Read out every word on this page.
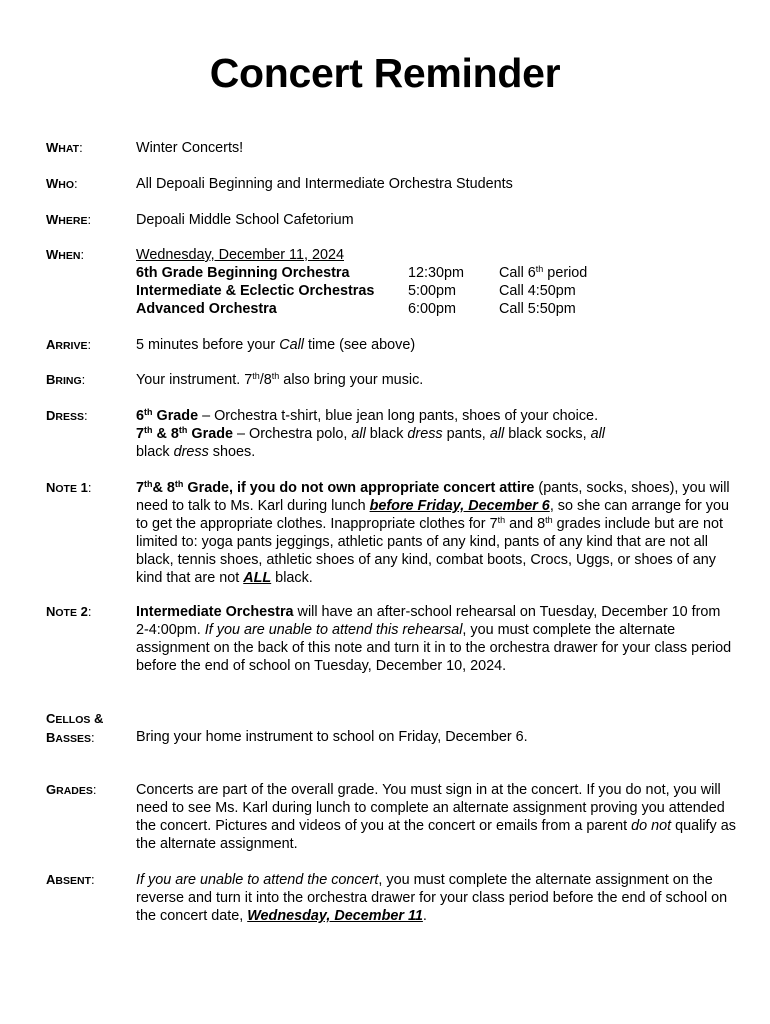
Concert Reminder
WHAT:	Winter Concerts!
WHO:	All Depoali Beginning and Intermediate Orchestra Students
WHERE:	Depoali Middle School Cafetorium
WHEN:	Wednesday, December 11, 2024
6th Grade Beginning Orchestra	12:30pm Call 6th period
Intermediate & Eclectic Orchestras 5:00pm	Call 4:50pm
Advanced Orchestra	6:00pm	Call 5:50pm
ARRIVE:	5 minutes before your Call time (see above)
BRING:	Your instrument. 7th/8th also bring your music.
DRESS:	6th Grade – Orchestra t-shirt, blue jean long pants, shoes of your choice.
7th & 8th Grade – Orchestra polo, all black dress pants, all black socks, all
black dress shoes.
NOTE 1:	7th& 8th Grade, if you do not own appropriate concert attire (pants, socks, shoes), you will need to talk to Ms. Karl during lunch before Friday, December 6, so she can arrange for you to get the appropriate clothes. Inappropriate clothes for 7th and 8th grades include but are not limited to: yoga pants jeggings, athletic pants of any kind, pants of any kind that are not all black, tennis shoes, athletic shoes of any kind, combat boots, Crocs, Uggs, or shoes of any kind that are not ALL black.
NOTE 2:	Intermediate Orchestra will have an after-school rehearsal on Tuesday, December 10 from 2-4:00pm. If you are unable to attend this rehearsal, you must complete the alternate assignment on the back of this note and turn it in to the orchestra drawer for your class period before the end of school on Tuesday, December 10, 2024.
CELLOS &
BASSES:	Bring your home instrument to school on Friday, December 6.
GRADES:	Concerts are part of the overall grade. You must sign in at the concert. If you do not, you will need to see Ms. Karl during lunch to complete an alternate assignment proving you attended the concert. Pictures and videos of you at the concert or emails from a parent do not qualify as the alternate assignment.
ABSENT:	If you are unable to attend the concert, you must complete the alternate assignment on the reverse and turn it into the orchestra drawer for your class period before the end of school on the concert date, Wednesday, December 11.
